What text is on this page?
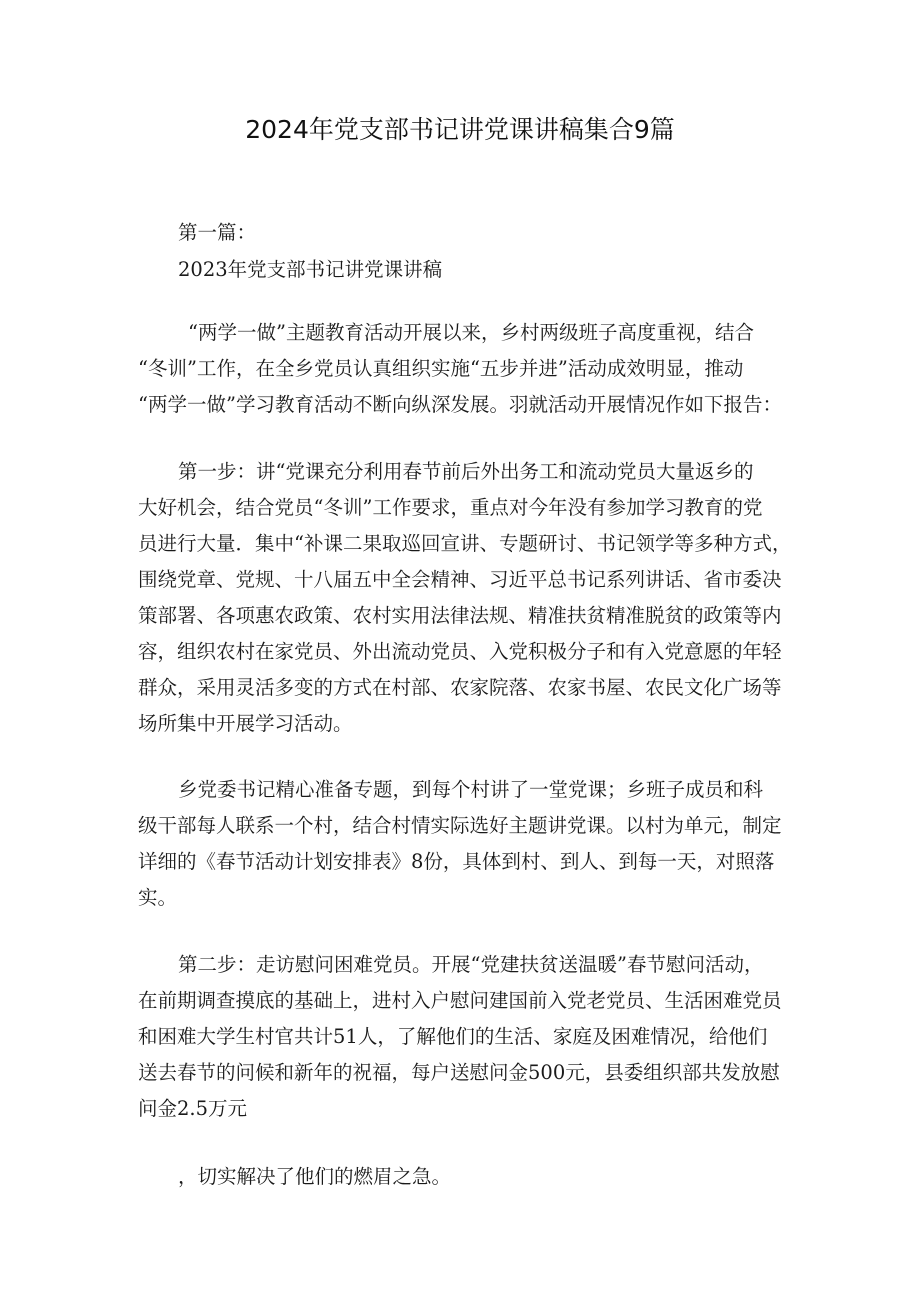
2024年党支部书记讲党课讲稿集合9篇
第一篇：
2023年党支部书记讲党课讲稿
“两学一做”主题教育活动开展以来，乡村两级班子高度重视，结合
“冬训”工作，在全乡党员认真组织实施“五步并进”活动成效明显，推动
“两学一做”学习教育活动不断向纵深发展。羽就活动开展情况作如下报告：
第一步：讲“党课充分利用春节前后外出务工和流动党员大量返乡的
大好机会，结合党员“冬训”工作要求，重点对今年没有参加学习教育的党
员进行大量．集中“补课二果取巡回宣讲、专题研讨、书记领学等多种方式，
围绕党章、党规、十八届五中全会精神、习近平总书记系列讲话、省市委决
策部署、各项惠农政策、农村实用法律法规、精准扶贫精准脱贫的政策等内
容，组织农村在家党员、外出流动党员、入党积极分子和有入党意愿的年轻
群众，采用灵活多变的方式在村部、农家院落、农家书屋、农民文化广场等
场所集中开展学习活动。
乡党委书记精心准备专题，到每个村讲了一堂党课；乡班子成员和科
级干部每人联系一个村，结合村情实际选好主题讲党课。以村为单元，制定
详细的《春节活动计划安排表》8份，具体到村、到人、到每一天，对照落
实。
第二步：走访慰问困难党员。开展“党建扶贫送温暖”春节慰问活动，
在前期调查摸底的基础上，进村入户慰问建国前入党老党员、生活困难党员
和困难大学生村官共计51人，了解他们的生活、家庭及困难情况，给他们
送去春节的问候和新年的祝福，每户送慰问金500元，县委组织部共发放慰
问金2.5万元
，切实解决了他们的燃眉之急。
